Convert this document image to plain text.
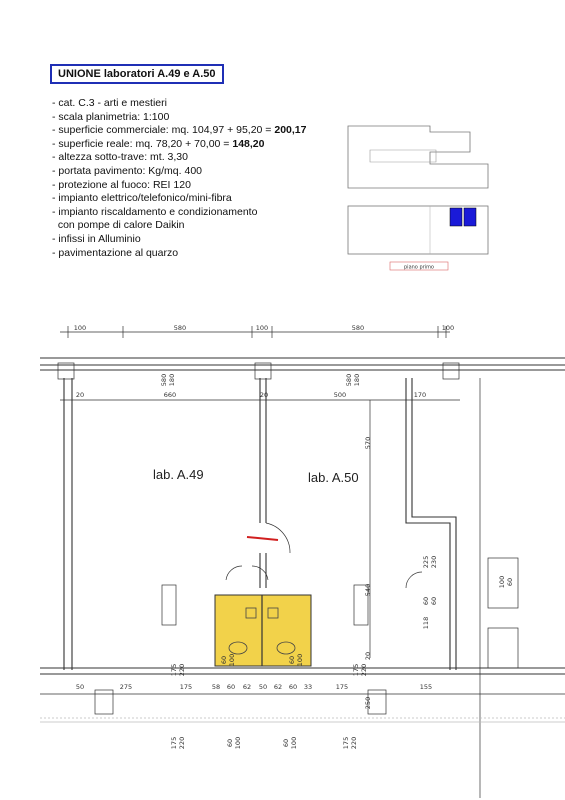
UNIONE laboratori A.49 e A.50
- cat. C.3 - arti e mestieri
- scala planimetria: 1:100
- superficie commerciale: mq. 104,97 + 95,20 = 200,17
- superficie reale: mq. 78,20 + 70,00 = 148,20
- altezza sotto-trave: mt. 3,30
- portata pavimento: Kg/mq. 400
- protezione al fuoco: REI 120
- impianto elettrico/telefonico/mini-fibra
- impianto riscaldamento e condizionamento
con pompe di calore Daikin
- infissi in Alluminio
- pavimentazione al quarzo
piano primo
lab. A.49	lab. A.50
100	580	100	580	100
20	660	20	500	170
50	275	175	58 60 62 50 62 60 33	175	155
580 180	580 180
570
540
20
250
175 220	175 220
175 220	175 220
60 100	60 100
60 100	60 100
225 230
60 60
118
100 60
